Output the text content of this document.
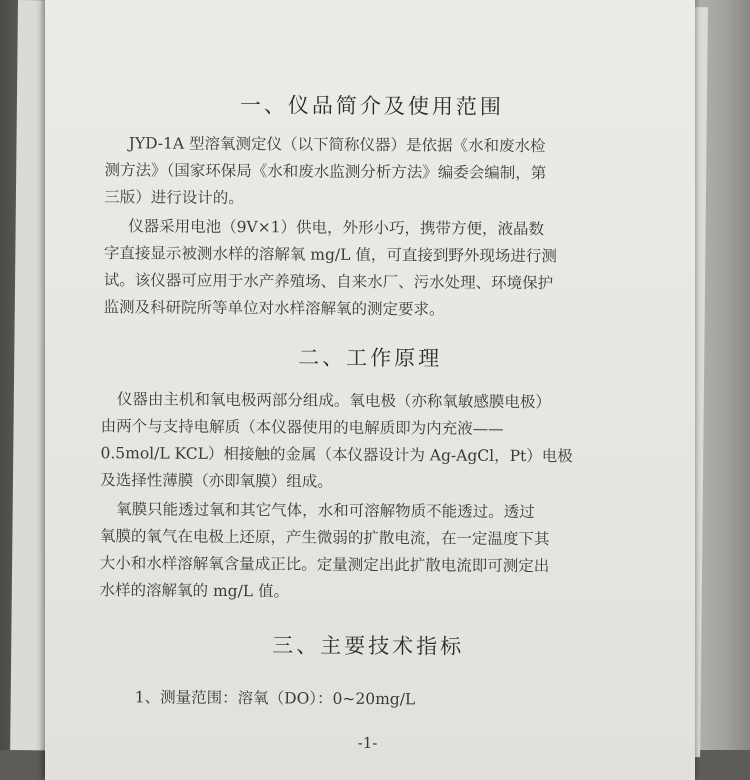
一、仪品简介及使用范围
JYD-1A 型溶氧测定仪（以下简称仪器）是依据《水和废水检
测方法》（国家环保局《水和废水监测分析方法》编委会编制，第
三版）进行设计的。
仪器采用电池（9V×1）供电，外形小巧，携带方便，液晶数
字直接显示被测水样的溶解氧 mg/L 值，可直接到野外现场进行测
试。该仪器可应用于水产养殖场、自来水厂、污水处理、环境保护
监测及科研院所等单位对水样溶解氧的测定要求。
二、工作原理
仪器由主机和氧电极两部分组成。氧电极（亦称氧敏感膜电极）
由两个与支持电解质（本仪器使用的电解质即为内充液——
0.5mol/L KCL）相接触的金属（本仪器设计为 Ag-AgCl，Pt）电极
及选择性薄膜（亦即氧膜）组成。
氧膜只能透过氧和其它气体，水和可溶解物质不能透过。透过
氧膜的氧气在电极上还原，产生微弱的扩散电流，在一定温度下其
大小和水样溶解氧含量成正比。定量测定出此扩散电流即可测定出
水样的溶解氧的 mg/L 值。
三、主要技术指标
1、测量范围：溶氧（DO）：0~20mg/L
-1-
